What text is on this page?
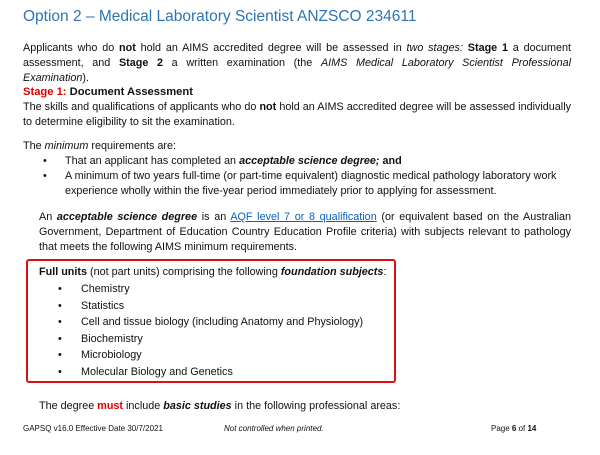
Option 2 – Medical Laboratory Scientist ANZSCO 234611

Applicants who do not hold an AIMS accredited degree will be assessed in two stages: Stage 1 a document assessment, and Stage 2 a written examination (the AIMS Medical Laboratory Scientist Professional Examination).

Stage 1: Document Assessment

The skills and qualifications of applicants who do not hold an AIMS accredited degree will be assessed individually to determine eligibility to sit the examination.

The minimum requirements are:

• That an applicant has completed an acceptable science degree; and
• A minimum of two years full-time (or part-time equivalent) diagnostic medical pathology laboratory work experience wholly within the five-year period immediately prior to applying for assessment.

An acceptable science degree is an AQF level 7 or 8 qualification (or equivalent based on the Australian Government, Department of Education Country Education Profile criteria) with subjects relevant to pathology that meets the following AIMS minimum requirements.

Full units (not part units) comprising the following foundation subjects:

• Chemistry
• Statistics
• Cell and tissue biology (including Anatomy and Physiology)
• Biochemistry
• Microbiology
• Molecular Biology and Genetics

The degree must include basic studies in the following professional areas:

GAPSQ v16.0 Effective Date 30/7/2021	Not controlled when printed.	Page 6 of 14
